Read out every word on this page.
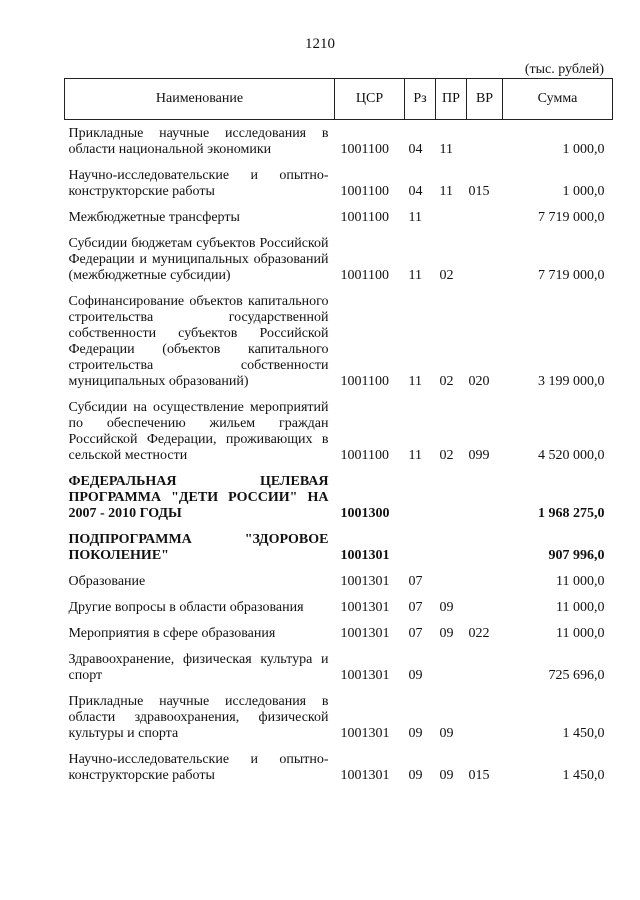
1210
(тыс. рублей)
Наименование	ЦСР	Рз	ПР	ВР	Сумма
Прикладные научные исследования в области национальной экономики	1001100	04	11		1 000,0
Научно-исследовательские и опытно-конструкторские работы	1001100	04	11	015	1 000,0
Межбюджетные трансферты	1001100	11			7 719 000,0
Субсидии бюджетам субъектов Российской Федерации и муниципальных образований (межбюджетные субсидии)	1001100	11	02		7 719 000,0
Софинансирование объектов капитального строительства государственной собственности субъектов Российской Федерации (объектов капитального строительства собственности муниципальных образований)	1001100	11	02	020	3 199 000,0
Субсидии на осуществление мероприятий по обеспечению жильем граждан Российской Федерации, проживающих в сельской местности	1001100	11	02	099	4 520 000,0
ФЕДЕРАЛЬНАЯ ЦЕЛЕВАЯ ПРОГРАММА "ДЕТИ РОССИИ" НА 2007 - 2010 ГОДЫ	1001300				1 968 275,0
ПОДПРОГРАММА "ЗДОРОВОЕ ПОКОЛЕНИЕ"	1001301				907 996,0
Образование	1001301	07			11 000,0
Другие вопросы в области образования	1001301	07	09		11 000,0
Мероприятия в сфере образования	1001301	07	09	022	11 000,0
Здравоохранение, физическая культура и спорт	1001301	09			725 696,0
Прикладные научные исследования в области здравоохранения, физической культуры и спорта	1001301	09	09		1 450,0
Научно-исследовательские и опытно-конструкторские работы	1001301	09	09	015	1 450,0
